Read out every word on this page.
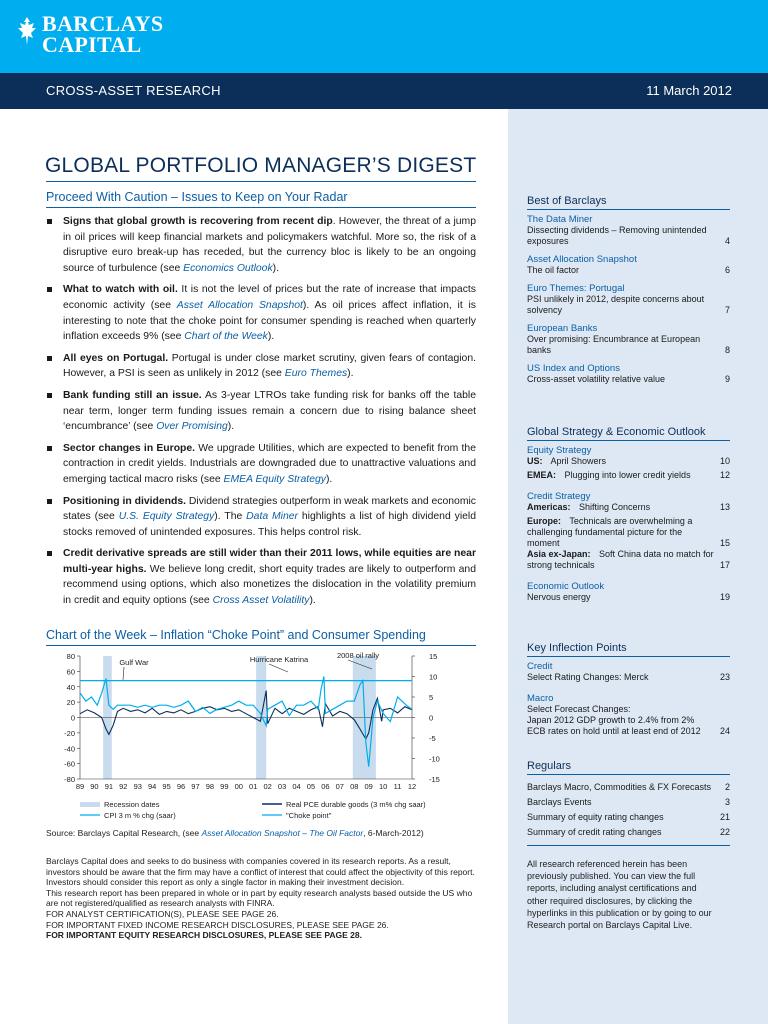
BARCLAYS
CAPITAL
CROSS-ASSET RESEARCH	11 March 2012
GLOBAL PORTFOLIO MANAGER’S DIGEST
Proceed With Caution – Issues to Keep on Your Radar
Signs that global growth is recovering from recent dip. However, the threat of a jump in oil prices will keep financial markets and policymakers watchful. More so, the risk of a disruptive euro break-up has receded, but the currency bloc is likely to be an ongoing source of turbulence (see Economics Outlook).
What to watch with oil. It is not the level of prices but the rate of increase that impacts economic activity (see Asset Allocation Snapshot). As oil prices affect inflation, it is interesting to note that the choke point for consumer spending is reached when quarterly inflation exceeds 9% (see Chart of the Week).
All eyes on Portugal. Portugal is under close market scrutiny, given fears of contagion. However, a PSI is seen as unlikely in 2012 (see Euro Themes).
Bank funding still an issue. As 3-year LTROs take funding risk for banks off the table near term, longer term funding issues remain a concern due to rising balance sheet ‘encumbrance’ (see Over Promising).
Sector changes in Europe. We upgrade Utilities, which are expected to benefit from the contraction in credit yields. Industrials are downgraded due to unattractive valuations and emerging tactical macro risks (see EMEA Equity Strategy).
Positioning in dividends. Dividend strategies outperform in weak markets and economic states (see U.S. Equity Strategy). The Data Miner highlights a list of high dividend yield stocks removed of unintended exposures. This helps control risk.
Credit derivative spreads are still wider than their 2011 lows, while equities are near multi-year highs. We believe long credit, short equity trades are likely to outperform and recommend using options, which also monetizes the dislocation in the volatility premium in credit and equity options (see Cross Asset Volatility).
Chart of the Week – Inflation “Choke Point” and Consumer Spending
80
60
40
20
0
-20
-40
-60
-80
15
10
5
0
-5
-10
-15
89 90 91 92 93 94 95 96 97 98 99 00 01 02 03 04 05 06 07 08 09 10 11 12
Gulf War	Hurricane Katrina	2008 oil rally
Recession dates
CPI 3 m % chg (saar)
Real PCE durable goods (3 m% chg saar)
"Choke point"
Source: Barclays Capital Research, (see Asset Allocation Snapshot – The Oil Factor, 6-March-2012)

Barclays Capital does and seeks to do business with companies covered in its research reports. As a result, investors should be aware that the firm may have a conflict of interest that could affect the objectivity of this report.

Investors should consider this report as only a single factor in making their investment decision.

This research report has been prepared in whole or in part by equity research analysts based outside the US who are not registered/qualified as research analysts with FINRA.

FOR ANALYST CERTIFICATION(S), PLEASE SEE PAGE 26.

FOR IMPORTANT FIXED INCOME RESEARCH DISCLOSURES, PLEASE SEE PAGE 26.

FOR IMPORTANT EQUITY RESEARCH DISCLOSURES, PLEASE SEE PAGE 28.

Best of Barclays
The Data Miner
Dissecting dividends – Removing unintended exposures	4
Asset Allocation Snapshot
The oil factor	6
Euro Themes: Portugal
PSI unlikely in 2012, despite concerns about solvency	7
European Banks
Over promising: Encumbrance at European banks	8
US Index and Options
Cross-asset volatility relative value	9
Global Strategy & Economic Outlook
Equity Strategy
US: April Showers	10
EMEA: Plugging into lower credit yields	12
Credit Strategy
Americas: Shifting Concerns	13
Europe: Technicals are overwhelming a challenging fundamental picture for the moment	15
Asia ex-Japan: Soft China data no match for strong technicals	17
Economic Outlook
Nervous energy	19
Key Inflection Points
Credit
Select Rating Changes: Merck	23
Macro
Select Forecast Changes:
Japan 2012 GDP growth to 2.4% from 2%
ECB rates on hold until at least end of 2012	24
Regulars
Barclays Macro, Commodities & FX Forecasts	2
Barclays Events	3
Summary of equity rating changes	21
Summary of credit rating changes	22
All research referenced herein has been previously published. You can view the full reports, including analyst certifications and other required disclosures, by clicking the hyperlinks in this publication or by going to our Research portal on Barclays Capital Live.
